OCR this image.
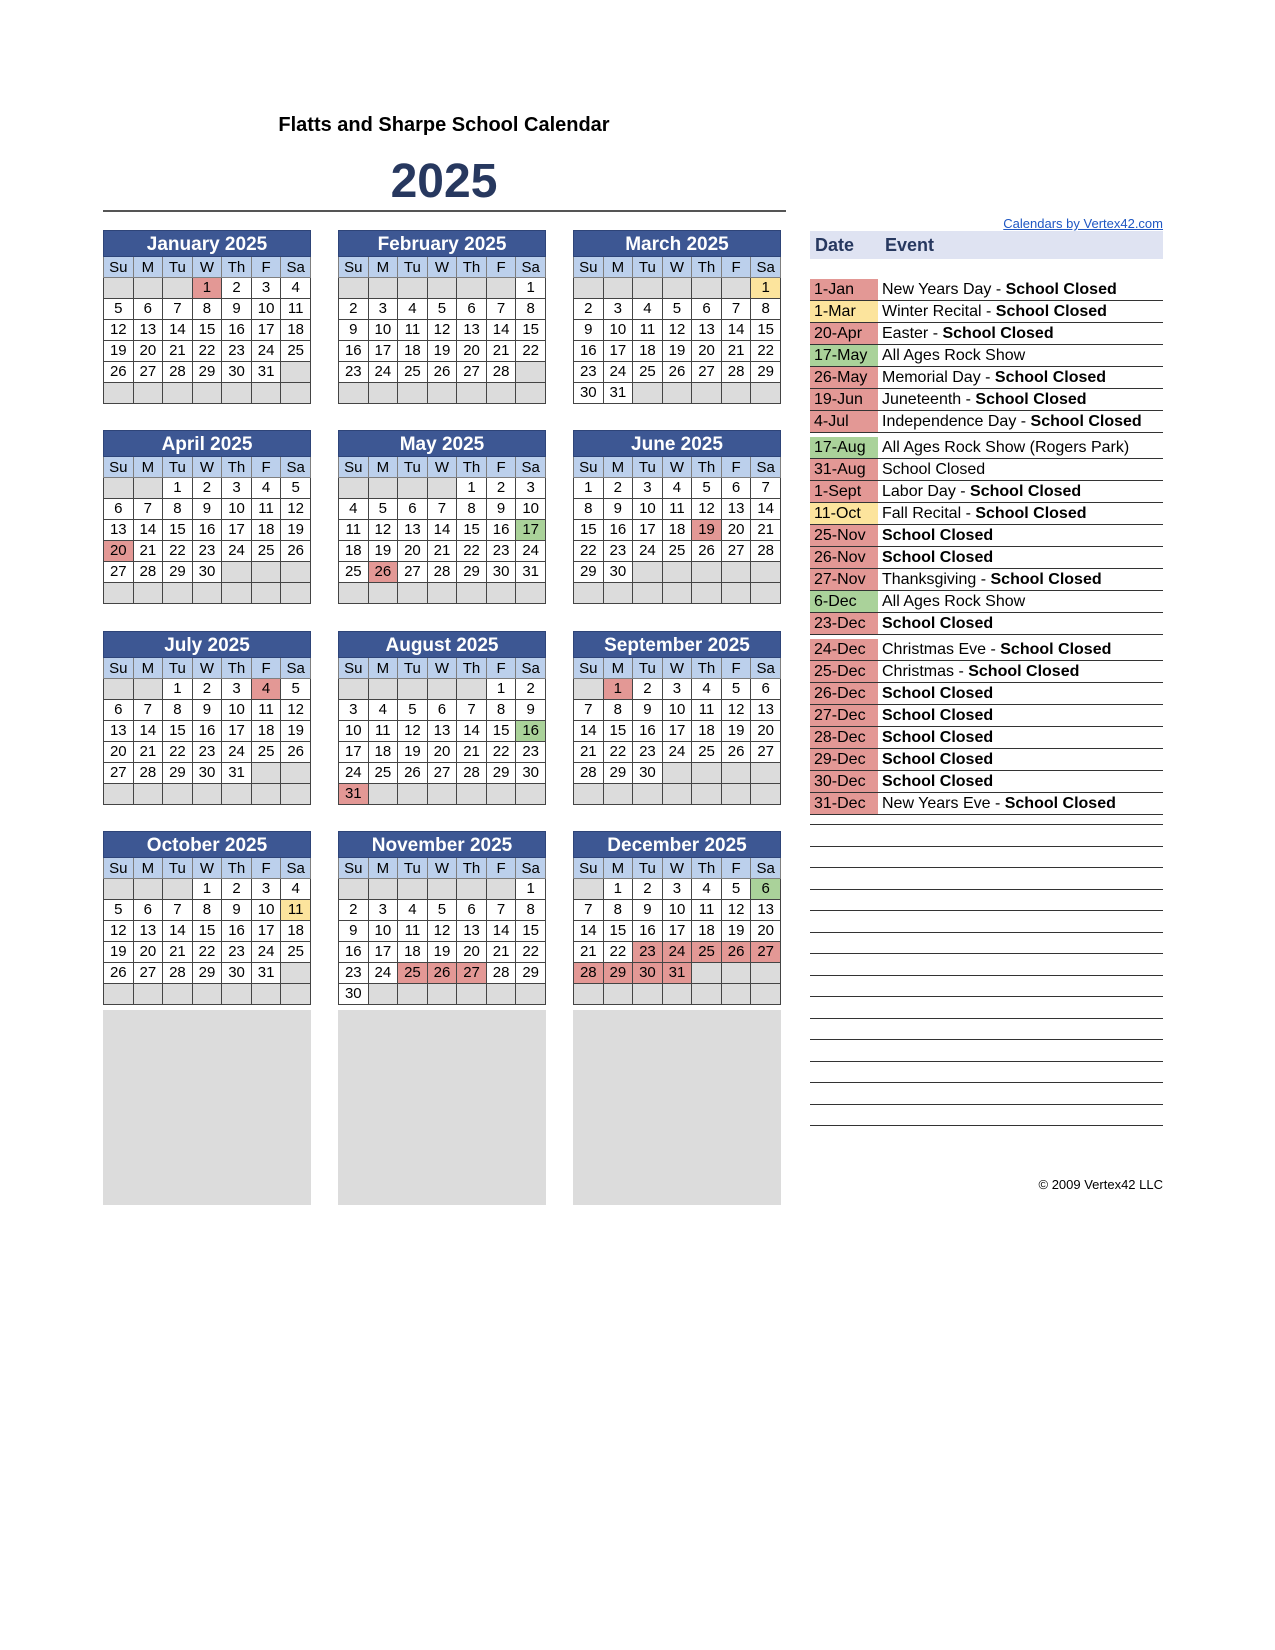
Flatts and Sharpe School Calendar
2025
Calendars by Vertex42.com
January 2025
Su	M	Tu	W	Th	F	Sa
			1	2	3	4
5	6	7	8	9	10	11
12	13	14	15	16	17	18
19	20	21	22	23	24	25
26	27	28	29	30	31	

February 2025
Su	M	Tu	W	Th	F	Sa
						1
2	3	4	5	6	7	8
9	10	11	12	13	14	15
16	17	18	19	20	21	22
23	24	25	26	27	28	

March 2025
Su	M	Tu	W	Th	F	Sa
						1
2	3	4	5	6	7	8
9	10	11	12	13	14	15
16	17	18	19	20	21	22
23	24	25	26	27	28	29
30	31					
April 2025
Su	M	Tu	W	Th	F	Sa
		1	2	3	4	5
6	7	8	9	10	11	12
13	14	15	16	17	18	19
20	21	22	23	24	25	26
27	28	29	30			

May 2025
Su	M	Tu	W	Th	F	Sa
				1	2	3
4	5	6	7	8	9	10
11	12	13	14	15	16	17
18	19	20	21	22	23	24
25	26	27	28	29	30	31

June 2025
Su	M	Tu	W	Th	F	Sa
1	2	3	4	5	6	7
8	9	10	11	12	13	14
15	16	17	18	19	20	21
22	23	24	25	26	27	28
29	30					

July 2025
Su	M	Tu	W	Th	F	Sa
		1	2	3	4	5
6	7	8	9	10	11	12
13	14	15	16	17	18	19
20	21	22	23	24	25	26
27	28	29	30	31		

August 2025
Su	M	Tu	W	Th	F	Sa
					1	2
3	4	5	6	7	8	9
10	11	12	13	14	15	16
17	18	19	20	21	22	23
24	25	26	27	28	29	30
31						
September 2025
Su	M	Tu	W	Th	F	Sa
	1	2	3	4	5	6
7	8	9	10	11	12	13
14	15	16	17	18	19	20
21	22	23	24	25	26	27
28	29	30				

October 2025
Su	M	Tu	W	Th	F	Sa
			1	2	3	4
5	6	7	8	9	10	11
12	13	14	15	16	17	18
19	20	21	22	23	24	25
26	27	28	29	30	31	

November 2025
Su	M	Tu	W	Th	F	Sa
						1
2	3	4	5	6	7	8
9	10	11	12	13	14	15
16	17	18	19	20	21	22
23	24	25	26	27	28	29
30						
December 2025
Su	M	Tu	W	Th	F	Sa
	1	2	3	4	5	6
7	8	9	10	11	12	13
14	15	16	17	18	19	20
21	22	23	24	25	26	27
28	29	30	31			

Date	Event
1-Jan	New Years Day - School Closed
1-Mar	Winter Recital - School Closed
20-Apr	Easter - School Closed
17-May All Ages Rock Show
26-May Memorial Day - School Closed
19-Jun	Juneteenth - School Closed
4-Jul	Independence Day - School Closed
17-Aug	All Ages Rock Show (Rogers Park)
31-Aug	School Closed
1-Sept	Labor Day - School Closed
11-Oct	Fall Recital - School Closed
25-Nov	School Closed
26-Nov	School Closed
27-Nov	Thanksgiving - School Closed
6-Dec	All Ages Rock Show
23-Dec	School Closed
24-Dec	Christmas Eve - School Closed
25-Dec	Christmas - School Closed
26-Dec	School Closed
27-Dec	School Closed
28-Dec	School Closed
29-Dec	School Closed
30-Dec	School Closed
31-Dec	New Years Eve - School Closed
© 2009 Vertex42 LLC
